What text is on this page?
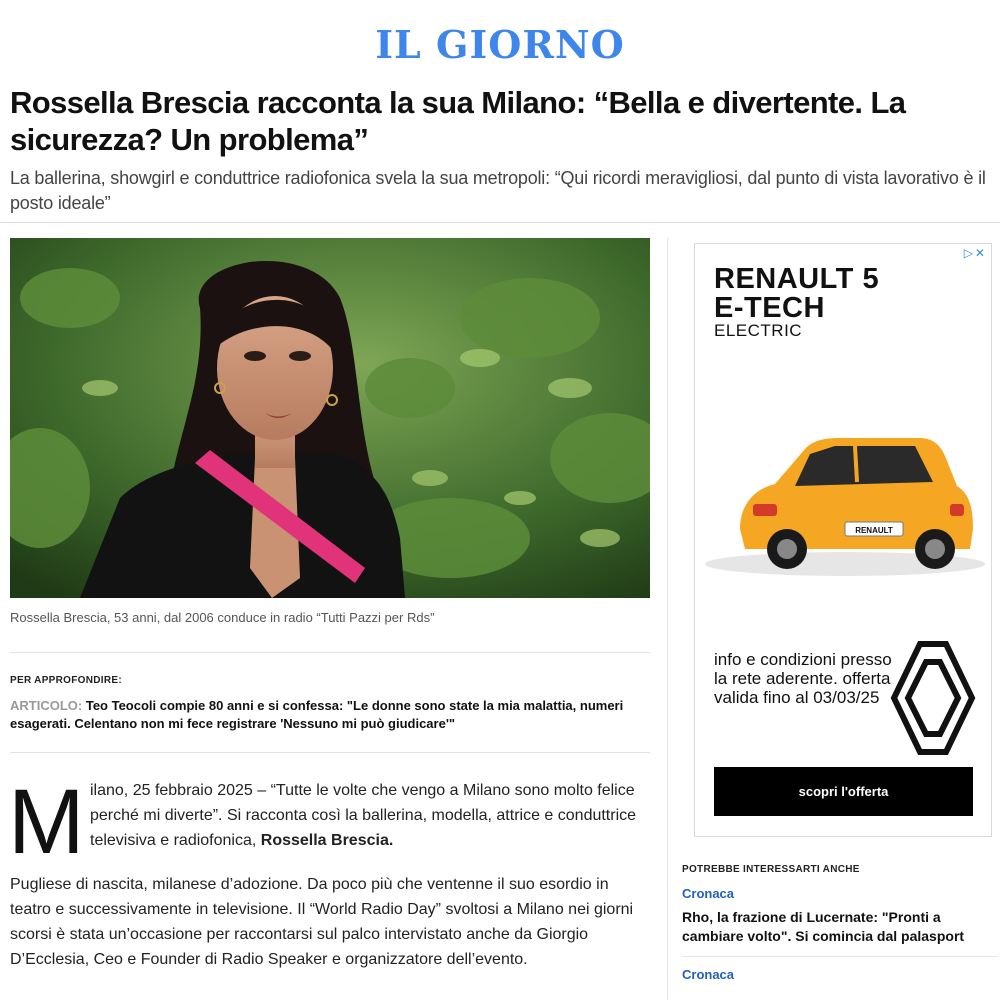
IL GIORNO
Rossella Brescia racconta la sua Milano: “Bella e divertente. La sicurezza? Un problema”

La ballerina, showgirl e conduttrice radiofonica svela la sua metropoli: “Qui ricordi meravigliosi, dal punto di vista lavorativo è il posto ideale”

Rossella Brescia, 53 anni, dal 2006 conduce in radio “Tutti Pazzi per Rds”

PER APPROFONDIRE:

ARTICOLO: Teo Teocoli compie 80 anni e si confessa: "Le donne sono state la mia malattia, numeri esagerati. Celentano non mi fece registrare 'Nessuno mi può giudicare'"

M ilano, 25 febbraio 2025 – “Tutte le volte che vengo a Milano sono molto felice perché mi diverte”. Si racconta così la ballerina, modella, attrice e conduttrice televisiva e radiofonica, Rossella Brescia.

Pugliese di nascita, milanese d’adozione. Da poco più che ventenne il suo esordio in teatro e successivamente in televisione. Il “World Radio Day” svoltosi a Milano nei giorni scorsi è stata un’occasione per raccontarsi sul palco intervistato anche da Giorgio D’Ecclesia, Ceo e Founder di Radio Speaker e organizzatore dell’evento.

▷✕
RENAULT 5
E-TECH
ELECTRIC
RENAULT

info e condizioni presso la rete aderente. offerta valida fino al 03/03/25

scopri l'offerta
POTREBBE INTERESSARTI ANCHE
Cronaca

Rho, la frazione di Lucernate: "Pronti a cambiare volto". Si comincia dal palasport

Cronaca
